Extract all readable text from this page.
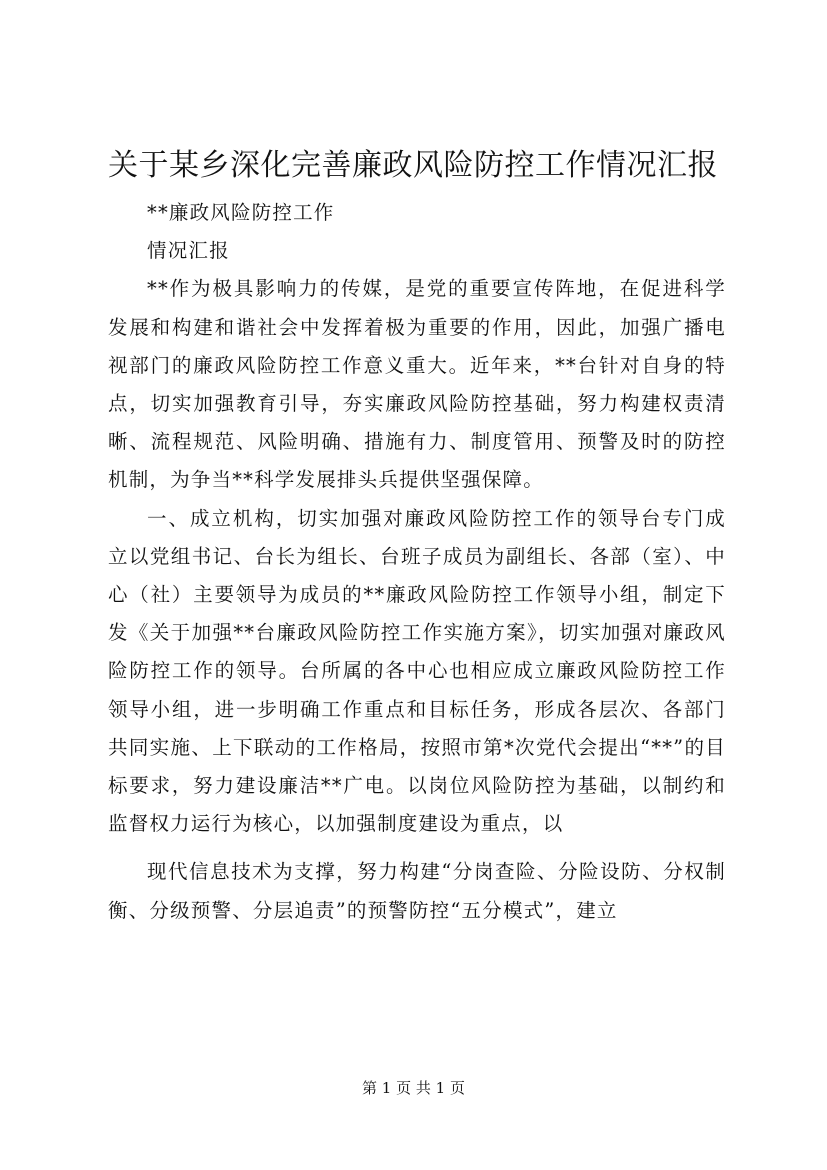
关于某乡深化完善廉政风险防控工作情况汇报

**廉政风险防控工作

情况汇报

**作为极具影响力的传媒，是党的重要宣传阵地，在促进科学发展和构建和谐社会中发挥着极为重要的作用，因此，加强广播电视部门的廉政风险防控工作意义重大。近年来，**台针对自身的特点，切实加强教育引导，夯实廉政风险防控基础，努力构建权责清晰、流程规范、风险明确、措施有力、制度管用、预警及时的防控机制，为争当**科学发展排头兵提供坚强保障。

一、成立机构，切实加强对廉政风险防控工作的领导台专门成立以党组书记、台长为组长、台班子成员为副组长、各部（室）、中心（社）主要领导为成员的**廉政风险防控工作领导小组，制定下发《关于加强**台廉政风险防控工作实施方案》，切实加强对廉政风险防控工作的领导。台所属的各中心也相应成立廉政风险防控工作领导小组，进一步明确工作重点和目标任务，形成各层次、各部门共同实施、上下联动的工作格局，按照市第*次党代会提出“**”的目标要求，努力建设廉洁**广电。以岗位风险防控为基础，以制约和监督权力运行为核心，以加强制度建设为重点，以

现代信息技术为支撑，努力构建“分岗查险、分险设防、分权制衡、分级预警、分层追责”的预警防控“五分模式”，建立

第 1 页 共 1 页
